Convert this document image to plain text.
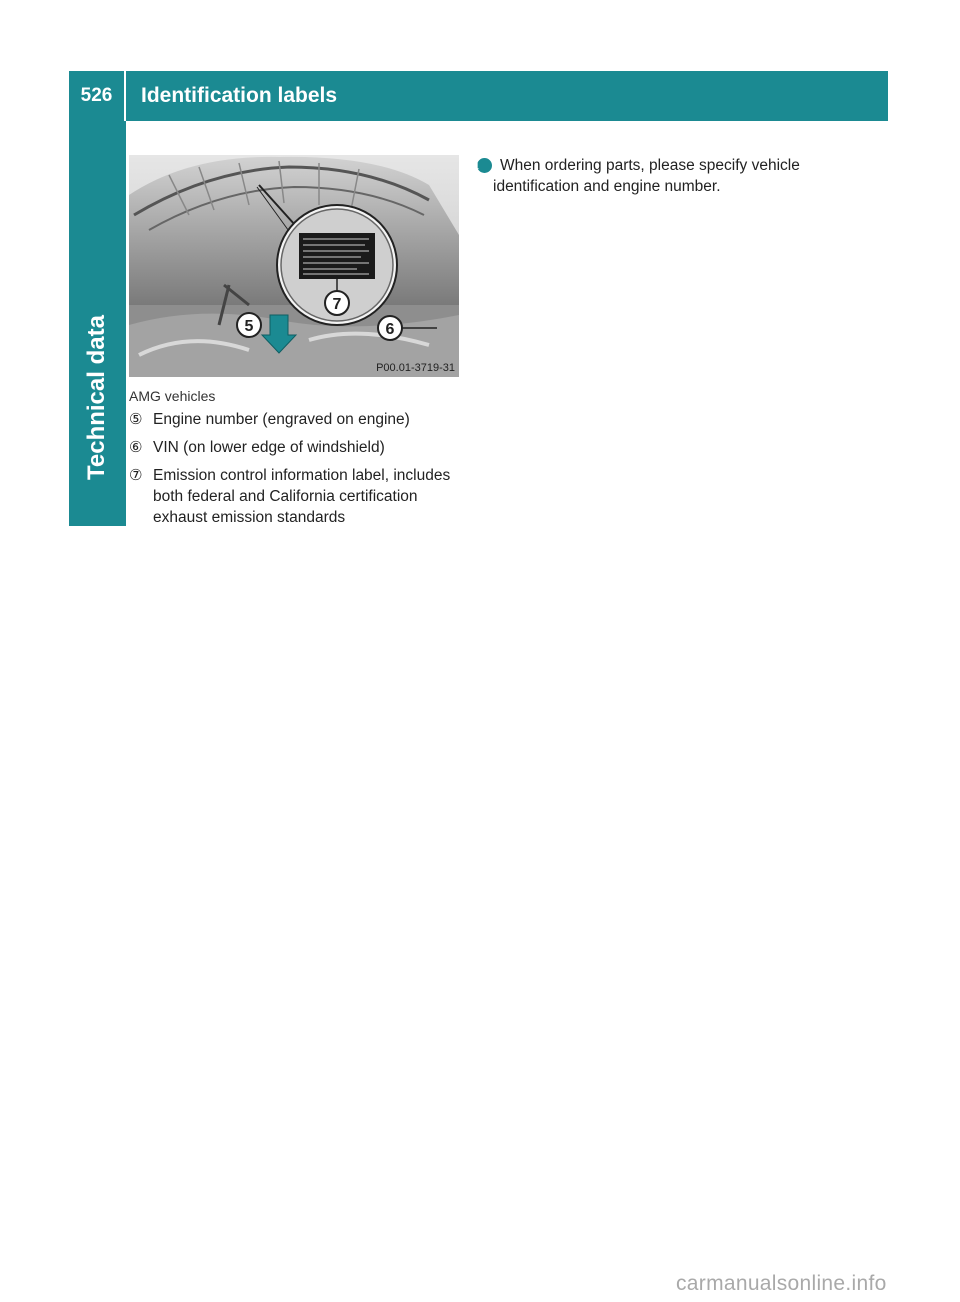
526	Identification labels
Technical data
7
5	6
P00.01-3719-31
AMG vehicles
⑤ Engine number (engraved on engine)
⑥ VIN (on lower edge of windshield)
⑦ Emission control information label, includes both federal and California certification exhaust emission standards
i When ordering parts, please specify vehicle identification and engine number.
carmanualsonline.info
